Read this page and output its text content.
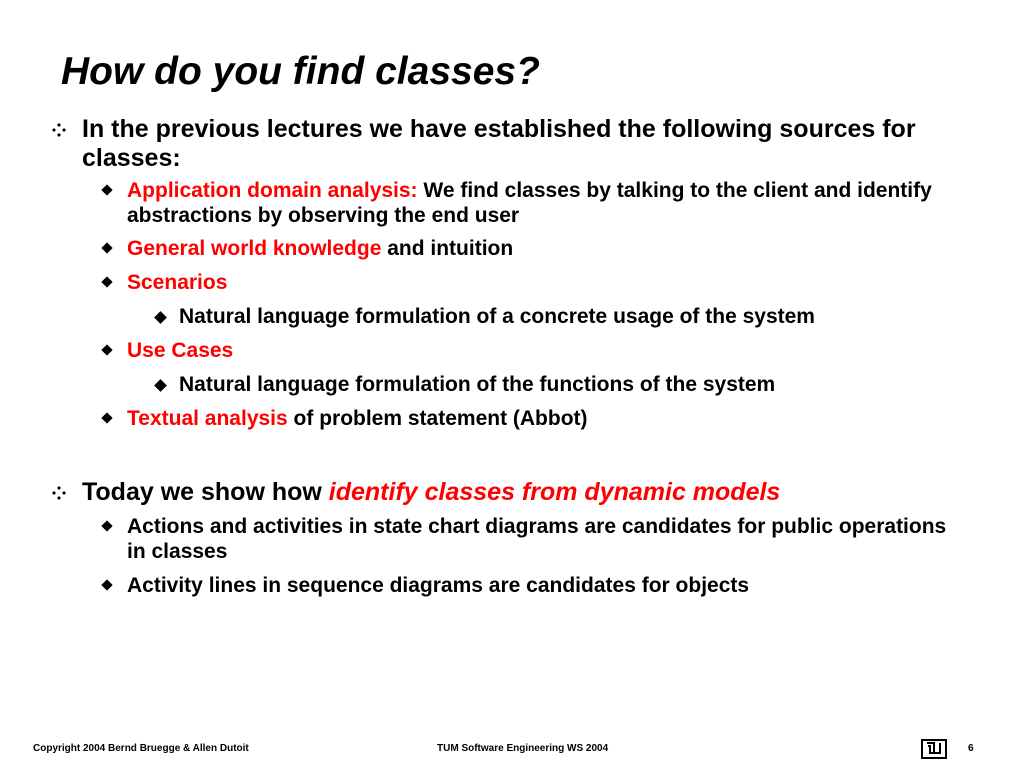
How do you find classes?
In the previous lectures we have established the following sources for classes:
Application domain analysis: We find classes by talking to the client and identify abstractions by observing the end user
General world knowledge and intuition
Scenarios
Natural language formulation of a concrete usage of the system
Use Cases
Natural language formulation of the functions of the system
Textual analysis of problem statement (Abbot)
Today we show how identify classes from dynamic models
Actions and activities in state chart diagrams are candidates for public operations in classes
Activity lines in sequence diagrams are candidates for objects
Copyright 2004 Bernd Bruegge & Allen Dutoit	TUM Software Engineering WS 2004	6
